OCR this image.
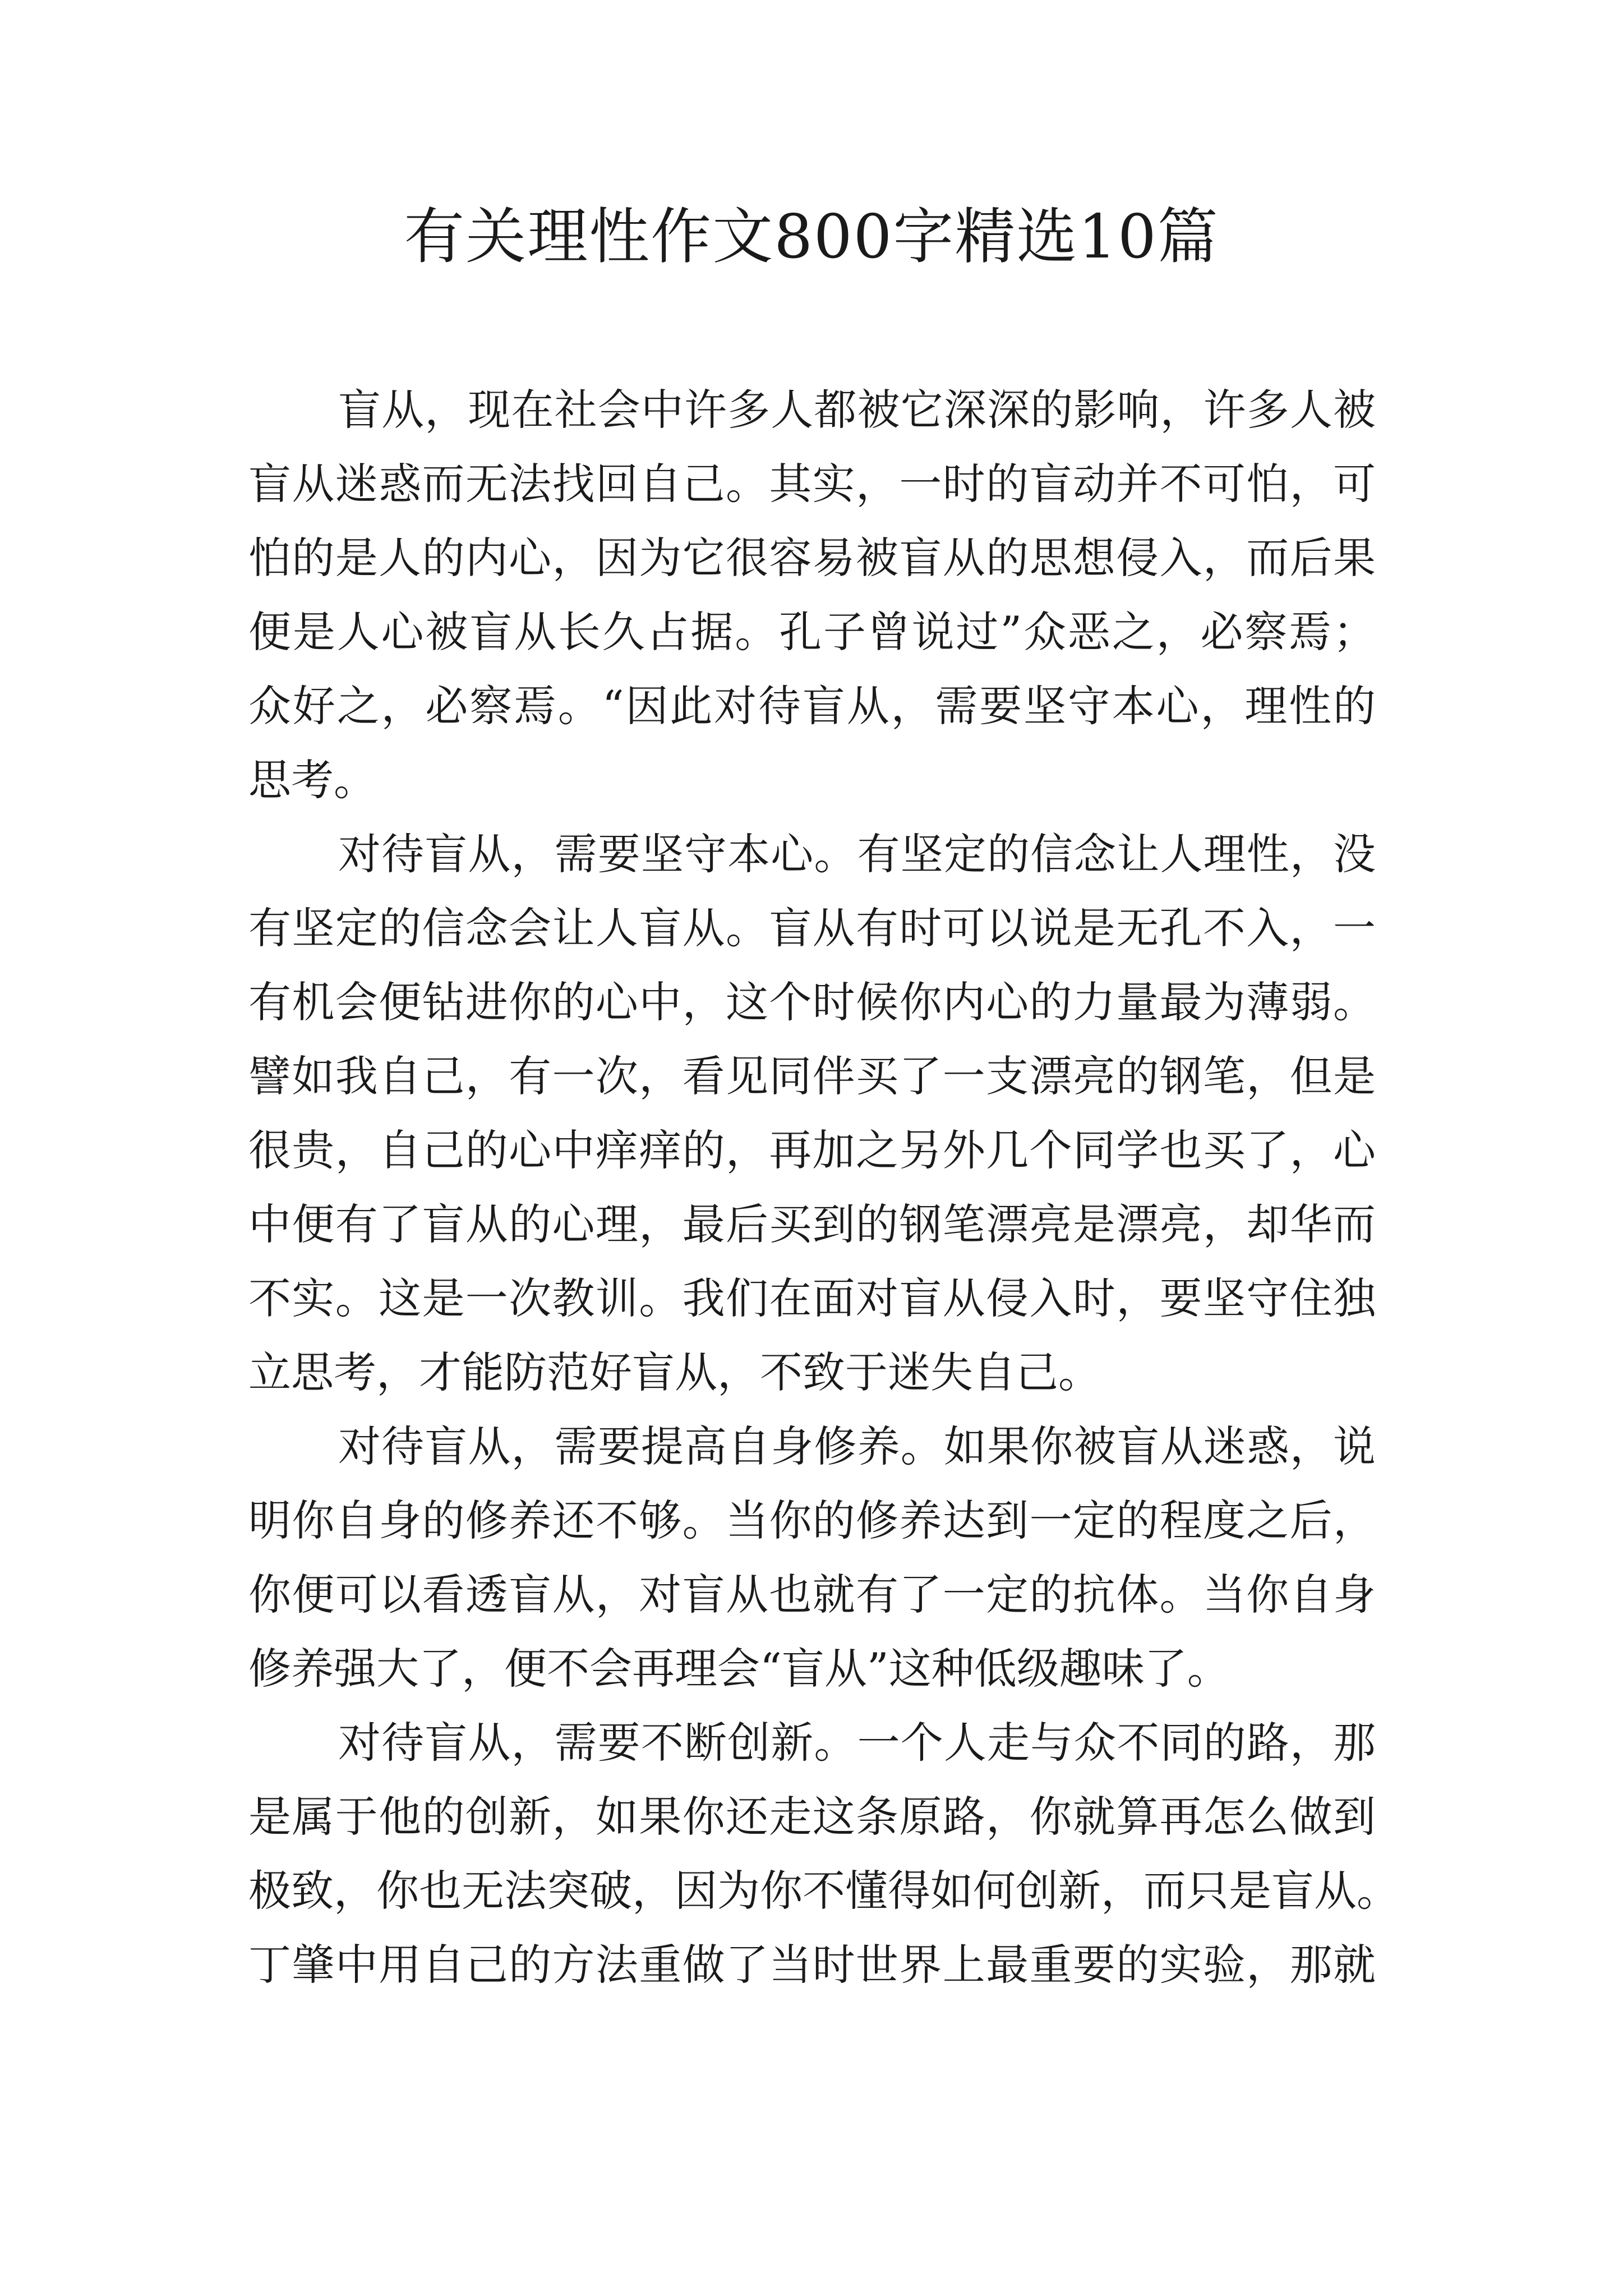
有关理性作文800字精选10篇
盲从，现在社会中许多人都被它深深的影响，许多人被
盲从迷惑而无法找回自己。其实，一时的盲动并不可怕，可
怕的是人的内心，因为它很容易被盲从的思想侵入，而后果
便是人心被盲从长久占据。孔子曾说过”众恶之，必察焉；
众好之，必察焉。“因此对待盲从，需要坚守本心，理性的
思考。
对待盲从，需要坚守本心。有坚定的信念让人理性，没
有坚定的信念会让人盲从。盲从有时可以说是无孔不入，一
有机会便钻进你的心中，这个时候你内心的力量最为薄弱。
譬如我自己，有一次，看见同伴买了一支漂亮的钢笔，但是
很贵，自己的心中痒痒的，再加之另外几个同学也买了，心
中便有了盲从的心理，最后买到的钢笔漂亮是漂亮，却华而
不实。这是一次教训。我们在面对盲从侵入时，要坚守住独
立思考，才能防范好盲从，不致于迷失自己。
对待盲从，需要提高自身修养。如果你被盲从迷惑，说
明你自身的修养还不够。当你的修养达到一定的程度之后，
你便可以看透盲从，对盲从也就有了一定的抗体。当你自身
修养强大了，便不会再理会“盲从”这种低级趣味了。
对待盲从，需要不断创新。一个人走与众不同的路，那
是属于他的创新，如果你还走这条原路，你就算再怎么做到
极致，你也无法突破，因为你不懂得如何创新，而只是盲从。
丁肇中用自己的方法重做了当时世界上最重要的实验，那就
